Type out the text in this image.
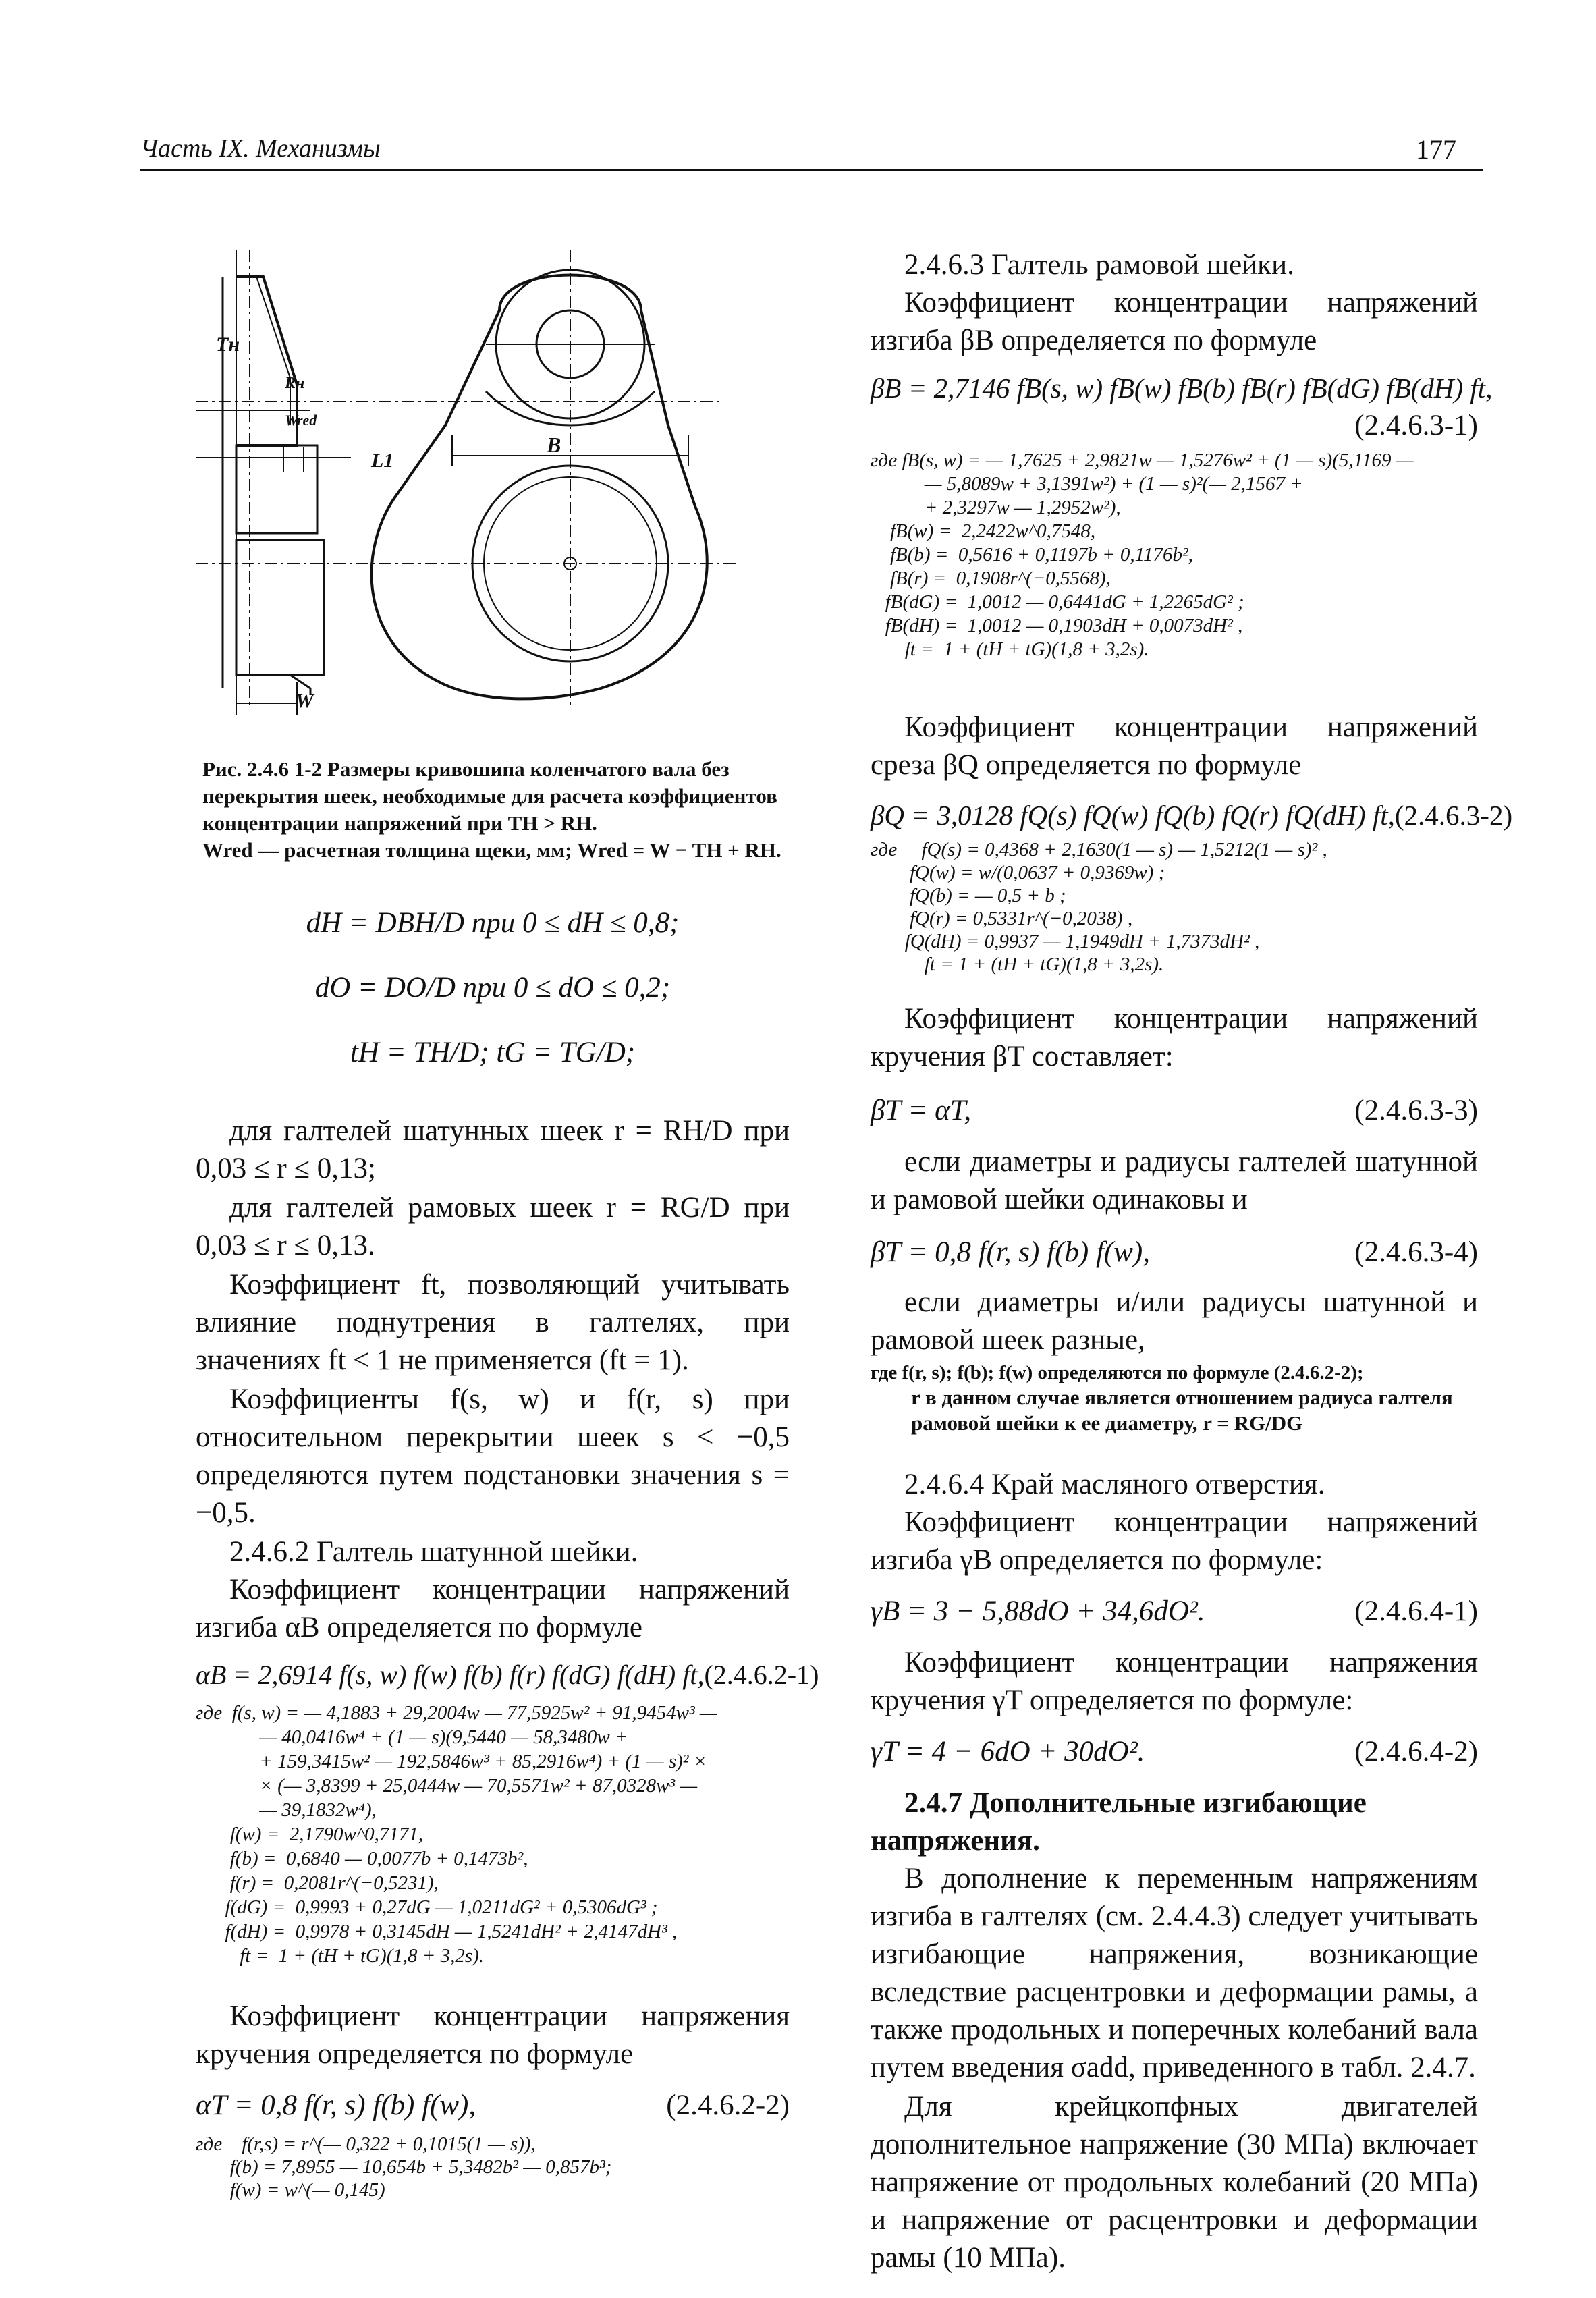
Часть IX. Механизмы	177
Tн
Rн
Wred
L1
W
B
Рис. 2.4.6 1-2 Размеры кривошипа коленчатого вала без
перекрытия шеек, необходимые для расчета коэффициентов
концентрации напряжений при TH > RH.
Wred — расчетная толщина щеки, мм; Wred = W − TH + RH.
dH = DBH/D при 0 ≤ dH ≤ 0,8;
dO = DO/D при 0 ≤ dO ≤ 0,2;
tH = TH/D; tG = TG/D;
для галтелей шатунных шеек r = RH/D при 0,03 ≤ r ≤ 0,13;
для галтелей рамовых шеек r = RG/D при 0,03 ≤ r ≤ 0,13.
Коэффициент ft, позволяющий учитывать влияние поднутрения в галтелях, при значениях ft < 1 не применяется (ft = 1).
Коэффициенты f(s, w) и f(r, s) при относительном перекрытии шеек s < −0,5 определяются путем подстановки значения s = −0,5.
2.4.6.2 Галтель шатунной шейки.
Коэффициент концентрации напряжений изгиба αB определяется по формуле
αB = 2,6914 f(s, w) f(w) f(b) f(r) f(dG) f(dH) ft, (2.4.6.2-1)
где  f(s, w) = — 4,1883 + 29,2004w — 77,5925w² + 91,9454w³ —
— 40,0416w⁴ + (1 — s)(9,5440 — 58,3480w +
+ 159,3415w² — 192,5846w³ + 85,2916w⁴) + (1 — s)² ×
× (— 3,8399 + 25,0444w — 70,5571w² + 87,0328w³ —
— 39,1832w⁴),
f(w) =  2,1790w^0,7171,
f(b) =  0,6840 — 0,0077b + 0,1473b²,
f(r) =  0,2081r^(−0,5231),
f(dG) =  0,9993 + 0,27dG — 1,0211dG² + 0,5306dG³ ;
f(dH) =  0,9978 + 0,3145dH — 1,5241dH² + 2,4147dH³ ,
ft =  1 + (tH + tG)(1,8 + 3,2s).
Коэффициент концентрации напряжения кручения определяется по формуле
αT = 0,8 f(r, s) f(b) f(w),	(2.4.6.2-2)
где    f(r,s) = r^(— 0,322 + 0,1015(1 — s)),
f(b) = 7,8955 — 10,654b + 5,3482b² — 0,857b³;
f(w) = w^(— 0,145)
2.4.6.3 Галтель рамовой шейки.
Коэффициент концентрации напряжений изгиба βB определяется по формуле
βB = 2,7146 fB(s, w) fB(w) fB(b) fB(r) fB(dG) fB(dH) ft,
(2.4.6.3-1)
где fB(s, w) = — 1,7625 + 2,9821w — 1,5276w² + (1 — s)(5,1169 —
— 5,8089w + 3,1391w²) + (1 — s)²(— 2,1567 +
+ 2,3297w — 1,2952w²),
fB(w) =  2,2422w^0,7548,
fB(b) =  0,5616 + 0,1197b + 0,1176b²,
fB(r) =  0,1908r^(−0,5568),
fB(dG) =  1,0012 — 0,6441dG + 1,2265dG² ;
fB(dH) =  1,0012 — 0,1903dH + 0,0073dH² ,
ft =  1 + (tH + tG)(1,8 + 3,2s).
Коэффициент концентрации напряжений среза βQ определяется по формуле
βQ = 3,0128 fQ(s) fQ(w) fQ(b) fQ(r) fQ(dH) ft, (2.4.6.3-2)
где     fQ(s) = 0,4368 + 2,1630(1 — s) — 1,5212(1 — s)² ,
fQ(w) = w/(0,0637 + 0,9369w) ;
fQ(b) = — 0,5 + b ;
fQ(r) = 0,5331r^(−0,2038) ,
fQ(dH) = 0,9937 — 1,1949dH + 1,7373dH² ,
ft = 1 + (tH + tG)(1,8 + 3,2s).
Коэффициент концентрации напряжений кручения βT составляет:
βT = αT,	(2.4.6.3-3)
если диаметры и радиусы галтелей шатунной и рамовой шейки одинаковы и
βT = 0,8 f(r, s) f(b) f(w),	(2.4.6.3-4)
если диаметры и/или радиусы шатунной и рамовой шеек разные,
где f(r, s); f(b); f(w) определяются по формуле (2.4.6.2-2);
r в данном случае является отношением радиуса галтеля рамовой шейки к ее диаметру, r = RG/DG
2.4.6.4 Край масляного отверстия.
Коэффициент концентрации напряжений изгиба γB определяется по формуле:
γB = 3 − 5,88dO + 34,6dO².	(2.4.6.4-1)
Коэффициент концентрации напряжения кручения γT определяется по формуле:
γT = 4 − 6dO + 30dO².	(2.4.6.4-2)
2.4.7 Дополнительные изгибающие напряжения.
В дополнение к переменным напряжениям изгиба в галтелях (см. 2.4.4.3) следует учитывать изгибающие напряжения, возникающие вследствие расцентровки и деформации рамы, а также продольных и поперечных колебаний вала путем введения σadd, приведенного в табл. 2.4.7.
Для крейцкопфных двигателей дополнительное напряжение (30 МПа) включает напряжение от продольных колебаний (20 МПа) и напряжение от расцентровки и деформации рамы (10 МПа).
